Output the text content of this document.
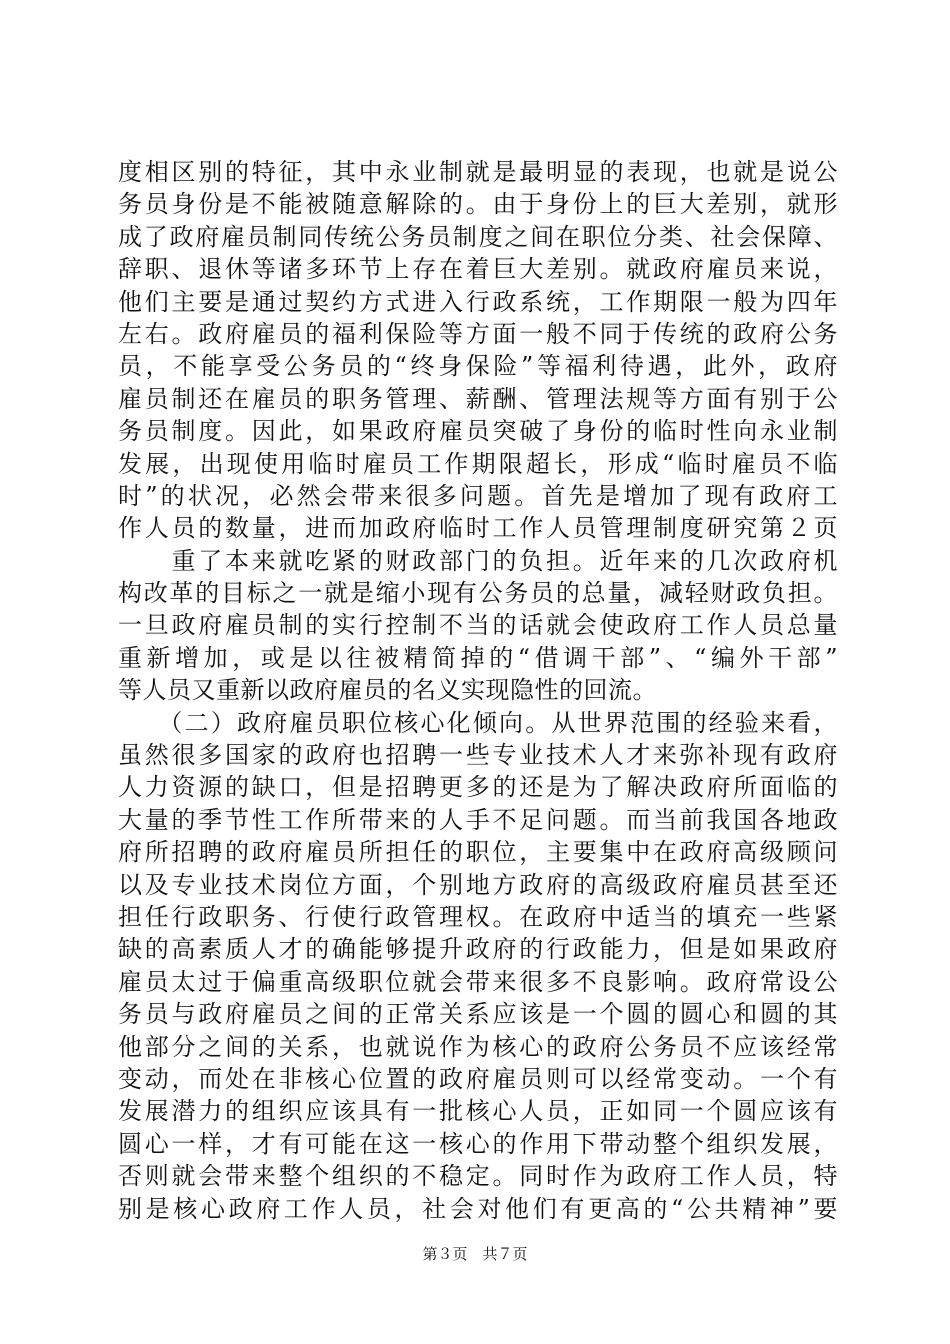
度相区别的特征，其中永业制就是最明显的表现，也就是说公
务员身份是不能被随意解除的。由于身份上的巨大差别，就形
成了政府雇员制同传统公务员制度之间在职位分类、社会保障、
辞职、退休等诸多环节上存在着巨大差别。就政府雇员来说，
他们主要是通过契约方式进入行政系统，工作期限一般为四年
左右。政府雇员的福利保险等方面一般不同于传统的政府公务
员，不能享受公务员的“终身保险”等福利待遇，此外，政府
雇员制还在雇员的职务管理、薪酬、管理法规等方面有别于公
务员制度。因此，如果政府雇员突破了身份的临时性向永业制
发展，出现使用临时雇员工作期限超长，形成“临时雇员不临
时”的状况，必然会带来很多问题。首先是增加了现有政府工
作人员的数量，进而加政府临时工作人员管理制度研究第２页
　　重了本来就吃紧的财政部门的负担。近年来的几次政府机
构改革的目标之一就是缩小现有公务员的总量，减轻财政负担。
一旦政府雇员制的实行控制不当的话就会使政府工作人员总量
重新增加，或是以往被精简掉的“借调干部”、“编外干部”
等人员又重新以政府雇员的名义实现隐性的回流。
　　（二）政府雇员职位核心化倾向。从世界范围的经验来看，
虽然很多国家的政府也招聘一些专业技术人才来弥补现有政府
人力资源的缺口，但是招聘更多的还是为了解决政府所面临的
大量的季节性工作所带来的人手不足问题。而当前我国各地政
府所招聘的政府雇员所担任的职位，主要集中在政府高级顾问
以及专业技术岗位方面，个别地方政府的高级政府雇员甚至还
担任行政职务、行使行政管理权。在政府中适当的填充一些紧
缺的高素质人才的确能够提升政府的行政能力，但是如果政府
雇员太过于偏重高级职位就会带来很多不良影响。政府常设公
务员与政府雇员之间的正常关系应该是一个圆的圆心和圆的其
他部分之间的关系，也就说作为核心的政府公务员不应该经常
变动，而处在非核心位置的政府雇员则可以经常变动。一个有
发展潜力的组织应该具有一批核心人员，正如同一个圆应该有
圆心一样，才有可能在这一核心的作用下带动整个组织发展，
否则就会带来整个组织的不稳定。同时作为政府工作人员，特
别是核心政府工作人员，社会对他们有更高的“公共精神”要
第３页　共７页
